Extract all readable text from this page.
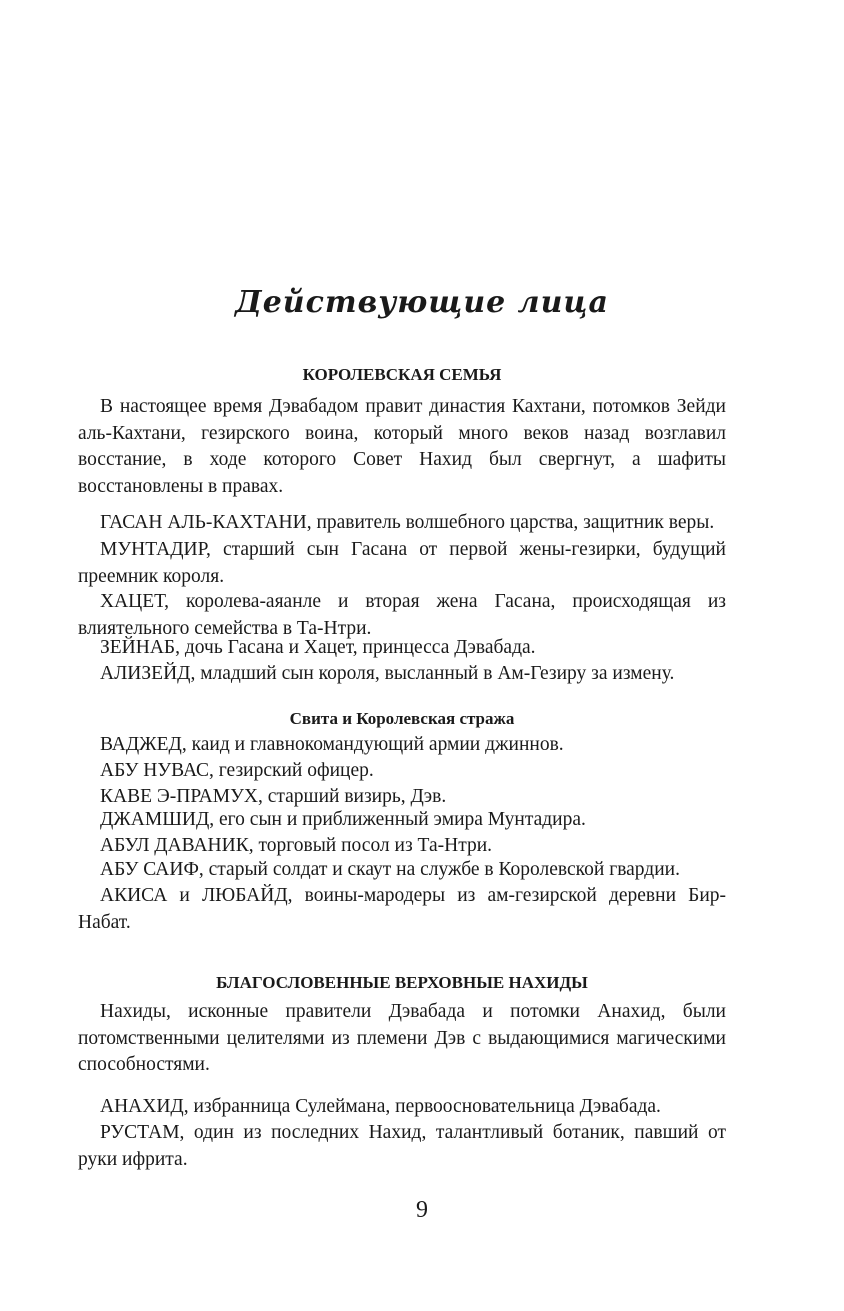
Действующие лица
КОРОЛЕВСКАЯ СЕМЬЯ

В настоящее время Дэвабадом правит династия Кахтани, потомков Зейди аль-Кахтани, гезирского воина, который много веков назад возглавил восстание, в ходе которого Совет Нахид был свергнут, а шафиты восстановлены в правах.

ГАСАН АЛЬ-КАХТАНИ, правитель волшебного царства, защитник веры.

МУНТАДИР, старший сын Гасана от первой жены-гезирки, будущий преемник короля.

ХАЦЕТ, королева-аяанле и вторая жена Гасана, происходящая из влиятельного семейства в Та-Нтри.

ЗЕЙНАБ, дочь Гасана и Хацет, принцесса Дэвабада.

АЛИЗЕЙД, младший сын короля, высланный в Ам-Гезиру за измену.

Свита и Королевская стража

ВАДЖЕД, каид и главнокомандующий армии джиннов.

АБУ НУВАС, гезирский офицер.

КАВЕ Э-ПРАМУХ, старший визирь, Дэв.

ДЖАМШИД, его сын и приближенный эмира Мунтадира.

АБУЛ ДАВАНИК, торговый посол из Та-Нтри.

АБУ САИФ, старый солдат и скаут на службе в Королевской гвардии.

АКИСА и ЛЮБАЙД, воины-мародеры из ам-гезирской деревни Бир-Набат.

БЛАГОСЛОВЕННЫЕ ВЕРХОВНЫЕ НАХИДЫ

Нахиды, исконные правители Дэвабада и потомки Анахид, были потомственными целителями из племени Дэв с выдающимися магическими способностями.

АНАХИД, избранница Сулеймана, первоосновательница Дэвабада.

РУСТАМ, один из последних Нахид, талантливый ботаник, павший от руки ифрита.

9
